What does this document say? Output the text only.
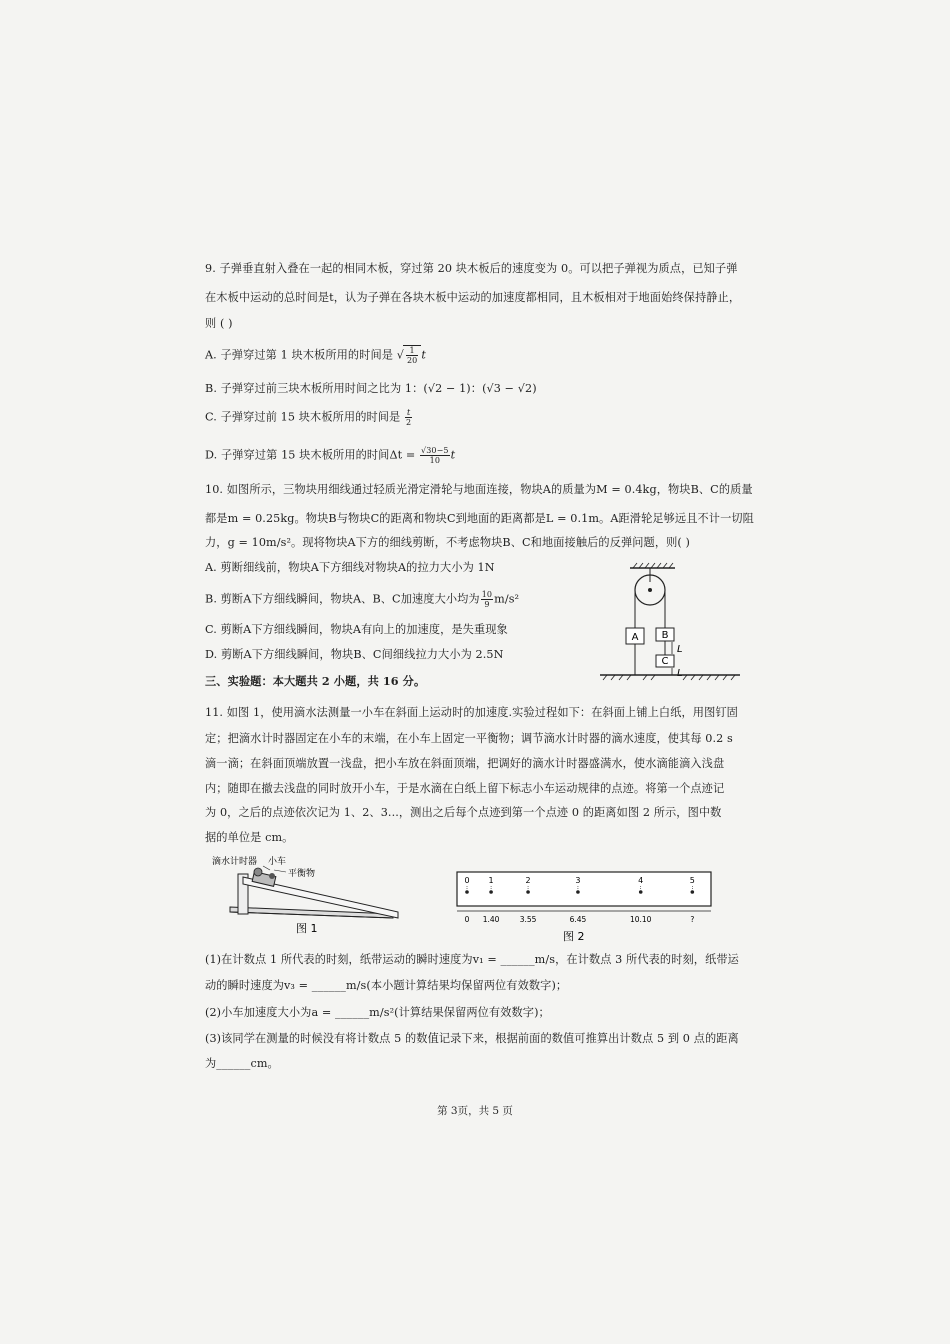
9. 子弹垂直射入叠在一起的相同木板，穿过第 20 块木板后的速度变为 0。可以把子弹视为质点，已知子弹
在木板中运动的总时间是t，认为子弹在各块木板中运动的加速度都相同，且木板相对于地面始终保持静止，
则 ( )
A. 子弹穿过第 1 块木板所用的时间是 √ $\frac{1}{20}$ t
B. 子弹穿过前三块木板所用时间之比为 1：(√2 − 1)：(√3 − √2)
C. 子弹穿过前 15 块木板所用的时间是 $\frac{t}{2}$
D. 子弹穿过第 15 块木板所用的时间$\Delta t = \frac{√30-5}{10}$ t
10. 如图所示，三物块用细线通过轻质光滑定滑轮与地面连接，物块A的质量为M = 0.4kg，物块B、C的质量
都是m = 0.25kg。物块B与物块C的距离和物块C到地面的距离都是L = 0.1m。A距滑轮足够远且不计一切阻
力，g = 10m/s²。现将物块A下方的细线剪断，不考虑物块B、C和地面接触后的反弹问题，则( )
A. 剪断细线前，物块A下方细线对物块A的拉力大小为 1N
B. 剪断A下方细线瞬间，物块A、B、C加速度大小均为 $\frac{10}{9} m/s^2$
C. 剪断A下方细线瞬间，物块A有向上的加速度，是失重现象
D. 剪断A下方细线瞬间，物块B、C间细线拉力大小为 2.5N
A B
C
L
L
三、实验题：本大题共 2 小题，共 16 分。
11. 如图 1，使用滴水法测量一小车在斜面上运动时的加速度.实验过程如下：在斜面上铺上白纸，用图钉固
定；把滴水计时器固定在小车的末端，在小车上固定一平衡物；调节滴水计时器的滴水速度，使其每 0.2 s
滴一滴；在斜面顶端放置一浅盘，把小车放在斜面顶端，把调好的滴水计时器盛满水，使水滴能滴入浅盘
内；随即在撤去浅盘的同时放开小车，于是水滴在白纸上留下标志小车运动规律的点迹。将第一个点迹记
为 0，之后的点迹依次记为 1、2、3...，测出之后每个点迹到第一个点迹 0 的距离如图 2 所示，图中数
据的单位是 cm。
滴水计时器 小车
平衡物
图 1
0
0
1
1.40
2
3.55
3
6.45
4
10.10
5
?
图 2
(1)在计数点 1 所代表的时刻，纸带运动的瞬时速度为v₁ = ______m/s，在计数点 3 所代表的时刻，纸带运
动的瞬时速度为v₃ = ______m/s(本小题计算结果均保留两位有效数字)；
(2)小车加速度大小为a = ______m/s²(计算结果保留两位有效数字)；
(3)该同学在测量的时候没有将计数点 5 的数值记录下来，根据前面的数值可推算出计数点 5 到 0 点的距离
为______cm。
第 3页，共 5 页
